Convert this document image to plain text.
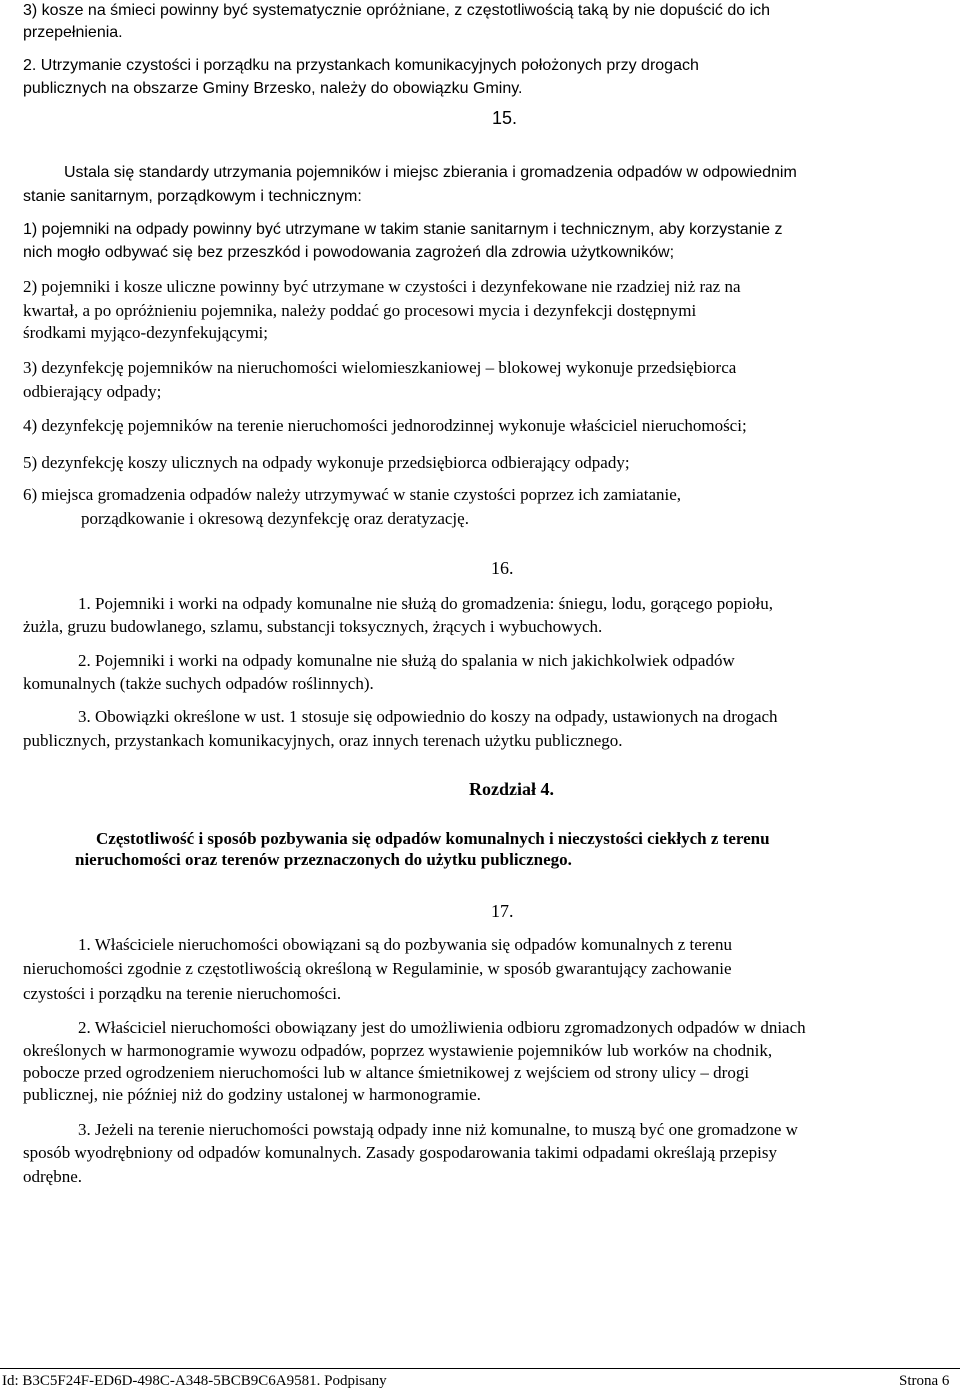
3) kosze na śmieci powinny być systematycznie opróżniane, z częstotliwością taką by nie dopuścić do ich
przepełnienia.
2. Utrzymanie czystości i porządku na przystankach komunikacyjnych położonych przy drogach
publicznych na obszarze Gminy Brzesko, należy do obowiązku Gminy.
15.
Ustala się standardy utrzymania pojemników i miejsc zbierania i gromadzenia odpadów w odpowiednim
stanie sanitarnym, porządkowym i technicznym:
1) pojemniki na odpady powinny być utrzymane w takim stanie sanitarnym i technicznym, aby korzystanie z
nich mogło odbywać się bez przeszkód i powodowania zagrożeń dla zdrowia użytkowników;
2) pojemniki i kosze uliczne powinny być utrzymane w czystości i dezynfekowane nie rzadziej niż raz na
kwartał, a po opróżnieniu pojemnika, należy poddać go procesowi mycia i dezynfekcji dostępnymi
środkami myjąco-dezynfekującymi;
3) dezynfekcję pojemników na nieruchomości wielomieszkaniowej – blokowej wykonuje przedsiębiorca
odbierający odpady;
4) dezynfekcję pojemników na terenie nieruchomości jednorodzinnej wykonuje właściciel nieruchomości;
5) dezynfekcję koszy ulicznych na odpady wykonuje przedsiębiorca odbierający odpady;
6) miejsca gromadzenia odpadów należy utrzymywać w stanie czystości poprzez ich zamiatanie,
porządkowanie i okresową dezynfekcję oraz deratyzację.
16.
1. Pojemniki i worki na odpady komunalne nie służą do gromadzenia: śniegu, lodu, gorącego popiołu,
żużla, gruzu budowlanego, szlamu, substancji toksycznych, żrących i wybuchowych.
2. Pojemniki i worki na odpady komunalne nie służą do spalania w nich jakichkolwiek odpadów
komunalnych (także suchych odpadów roślinnych).
3. Obowiązki określone w ust. 1 stosuje się odpowiednio do koszy na odpady, ustawionych na drogach
publicznych, przystankach komunikacyjnych, oraz innych terenach użytku publicznego.
Rozdział 4.
Częstotliwość i sposób pozbywania się odpadów komunalnych i nieczystości ciekłych z terenu
nieruchomości oraz terenów przeznaczonych do użytku publicznego.
17.
1. Właściciele nieruchomości obowiązani są do pozbywania się odpadów komunalnych z terenu
nieruchomości zgodnie z częstotliwością określoną w Regulaminie, w sposób gwarantujący zachowanie
czystości i porządku na terenie nieruchomości.
2. Właściciel nieruchomości obowiązany jest do umożliwienia odbioru zgromadzonych odpadów w dniach
określonych w harmonogramie wywozu odpadów, poprzez wystawienie pojemników lub worków na chodnik,
pobocze przed ogrodzeniem nieruchomości lub w altance śmietnikowej z wejściem od strony ulicy – drogi
publicznej, nie później niż do godziny ustalonej w harmonogramie.
3. Jeżeli na terenie nieruchomości powstają odpady inne niż komunalne, to muszą być one gromadzone w
sposób wyodrębniony od odpadów komunalnych. Zasady gospodarowania takimi odpadami określają przepisy
odrębne.
Id: B3C5F24F-ED6D-498C-A348-5BCB9C6A9581. Podpisany	Strona 6
